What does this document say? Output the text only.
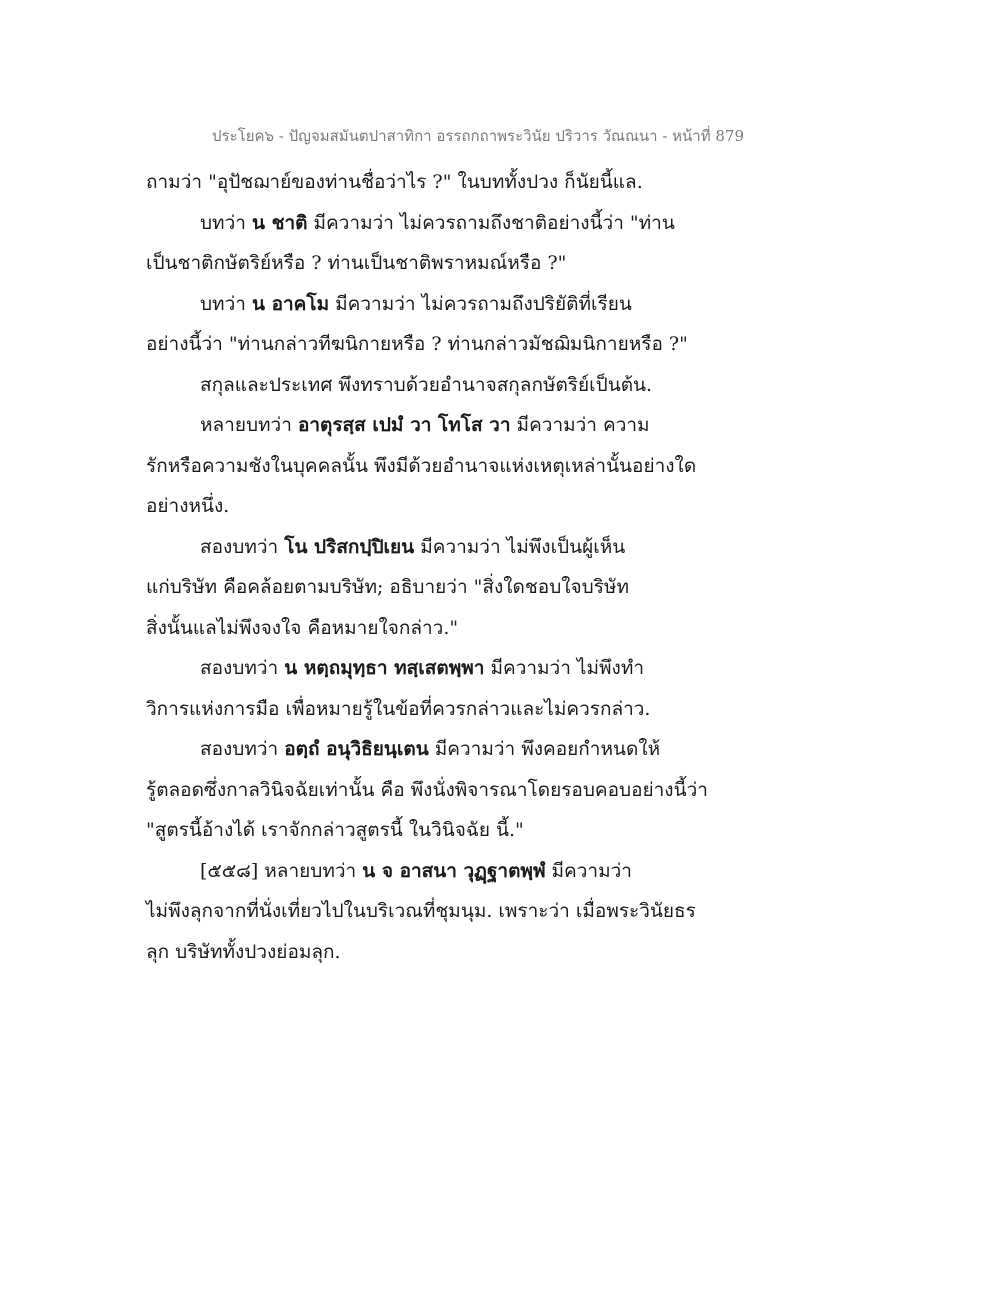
ประโยค๖ - ปัญจมสมันตปาสาทิกา อรรถกถาพระวินัย ปริวาร วัณณนา - หน้าที่ 879
ถามว่า "อุปัชฌาย์ของท่านชื่อว่าไร ?" ในบททั้งปวง ก็นัยนี้แล.
บทว่า น ชาติ มีความว่า ไม่ควรถามถึงชาติอย่างนี้ว่า "ท่าน
เป็นชาติกษัตริย์หรือ ? ท่านเป็นชาติพราหมณ์หรือ ?"
บทว่า น อาคโม มีความว่า ไม่ควรถามถึงปริยัติที่เรียน
อย่างนี้ว่า "ท่านกล่าวทีฆนิกายหรือ ? ท่านกล่าวมัชฌิมนิกายหรือ ?"
สกุลและประเทศ พึงทราบด้วยอำนาจสกุลกษัตริย์เป็นต้น.
หลายบทว่า อาตุรสฺส เปมํ วา โทโส วา มีความว่า ความ
รักหรือความชังในบุคคลนั้น พึงมีด้วยอำนาจแห่งเหตุเหล่านั้นอย่างใด
อย่างหนึ่ง.
สองบทว่า โน ปริสกปฺปิเยน มีความว่า ไม่พึงเป็นผู้เห็น
แก่บริษัท คือคล้อยตามบริษัท; อธิบายว่า "สิ่งใดชอบใจบริษัท
สิ่งนั้นแลไม่พึงจงใจ คือหมายใจกล่าว."
สองบทว่า น หตฺถมุทฺธา ทสฺเสตพฺพา มีความว่า ไม่พึงทำ
วิการแห่งการมือ เพื่อหมายรู้ในข้อที่ควรกล่าวและไม่ควรกล่าว.
สองบทว่า อตฺถํ อนุวิธิยนฺเตน มีความว่า พึงคอยกำหนดให้
รู้ตลอดซึ่งกาลวินิจฉัยเท่านั้น คือ พึงนั่งพิจารณาโดยรอบคอบอย่างนี้ว่า
"สูตรนี้อ้างได้ เราจักกล่าวสูตรนี้ ในวินิจฉัย นี้."
[๕๕๘] หลายบทว่า น จ อาสนา วุฏฺฐาตพฺพํ มีความว่า
ไม่พึงลุกจากที่นั่งเที่ยวไปในบริเวณที่ชุมนุม. เพราะว่า เมื่อพระวินัยธร
ลุก บริษัททั้งปวงย่อมลุก.
